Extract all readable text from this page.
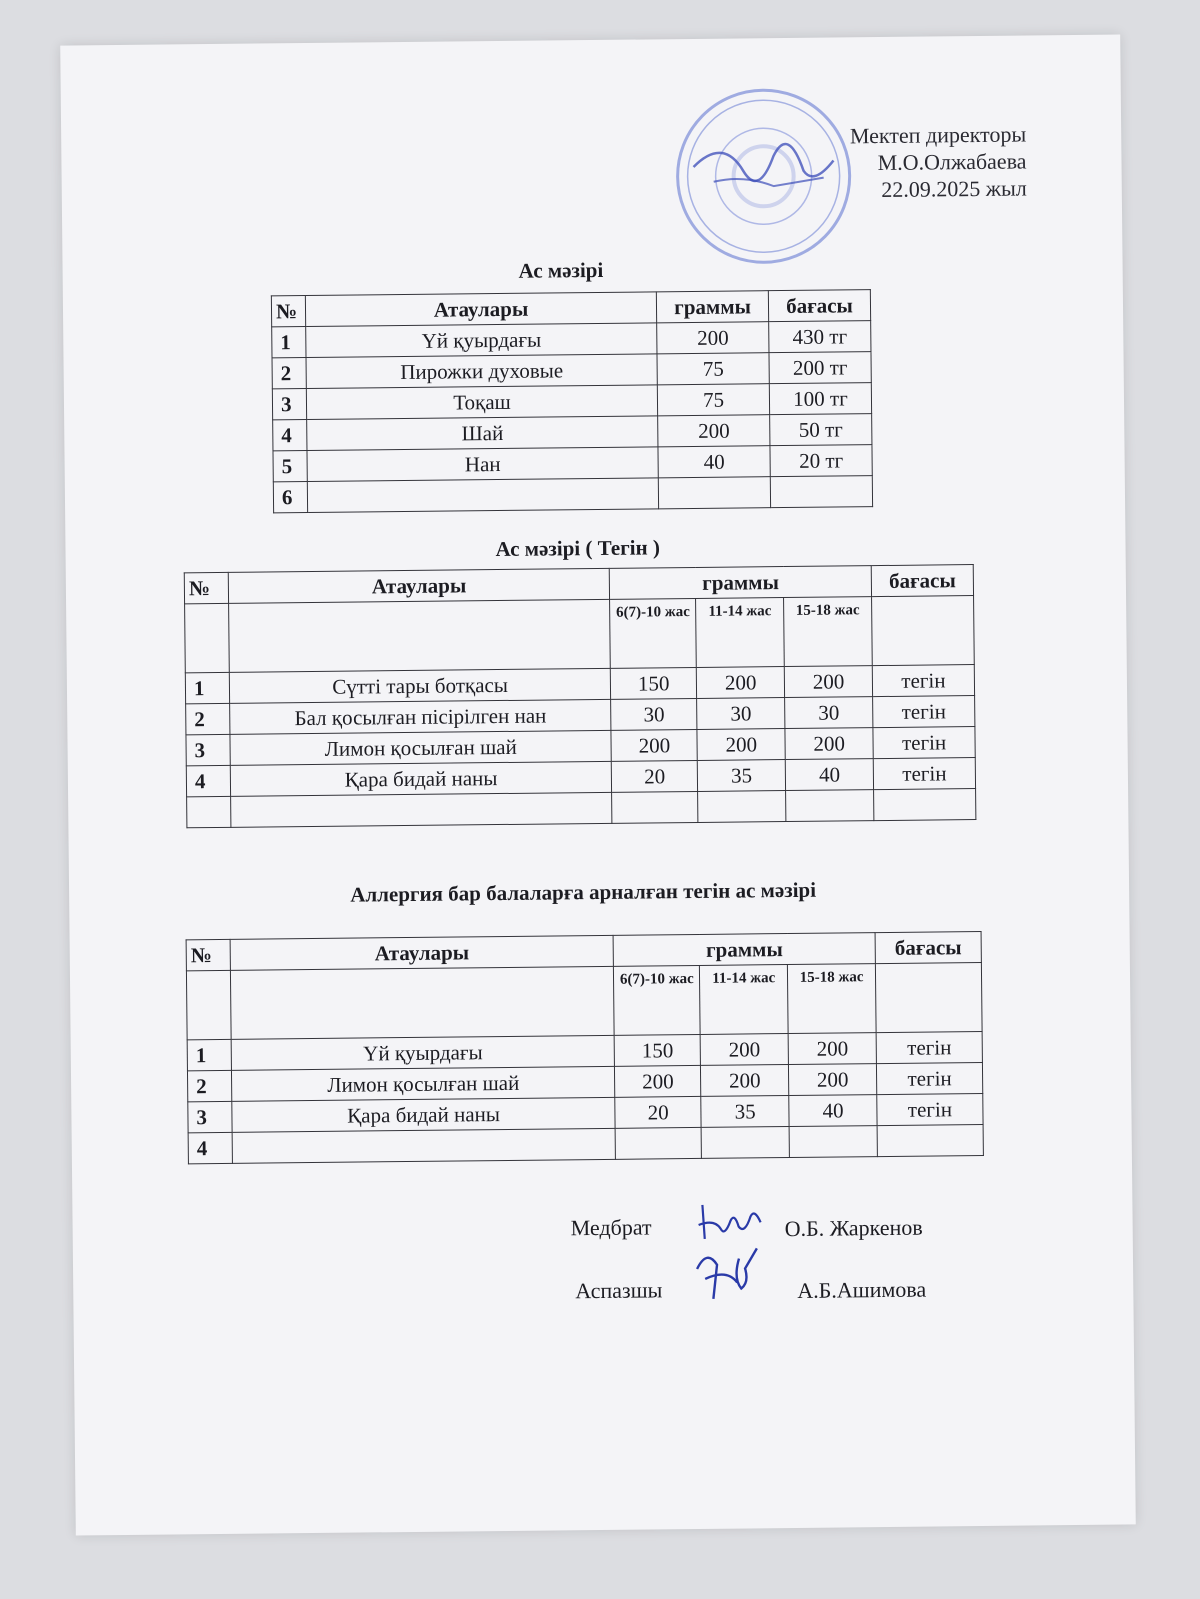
Мектеп директоры
М.О.Олжабаева
22.09.2025 жыл
Ас мәзірі
№	Атаулары	граммы	бағасы
1	Үй қуырдағы	200	430 тг
2	Пирожки духовые	75	200 тг
3	Тоқаш	75	100 тг
4	Шай	200	50 тг
5	Нан	40	20 тг
6			
Ас мәзірі ( Тегін )
№	Атаулары	граммы			бағасы
		6(7)-10 жас	11-14 жас	15-18 жас	
1	Сүтті тары ботқасы	150	200	200	тегін
2	Бал қосылған пісірілген нан	30	30	30	тегін
3	Лимон қосылған шай	200	200	200	тегін
4	Қара бидай наны	20	35	40	тегін

Аллергия бар балаларға арналған тегін ас мәзірі
№	Атаулары	граммы			бағасы
		6(7)-10 жас	11-14 жас	15-18 жас	
1	Үй қуырдағы	150	200	200	тегін
2	Лимон қосылған шай	200	200	200	тегін
3	Қара бидай наны	20	35	40	тегін
4					
Медбрат	О.Б. Жаркенов
Аспазшы	А.Б.Ашимова
